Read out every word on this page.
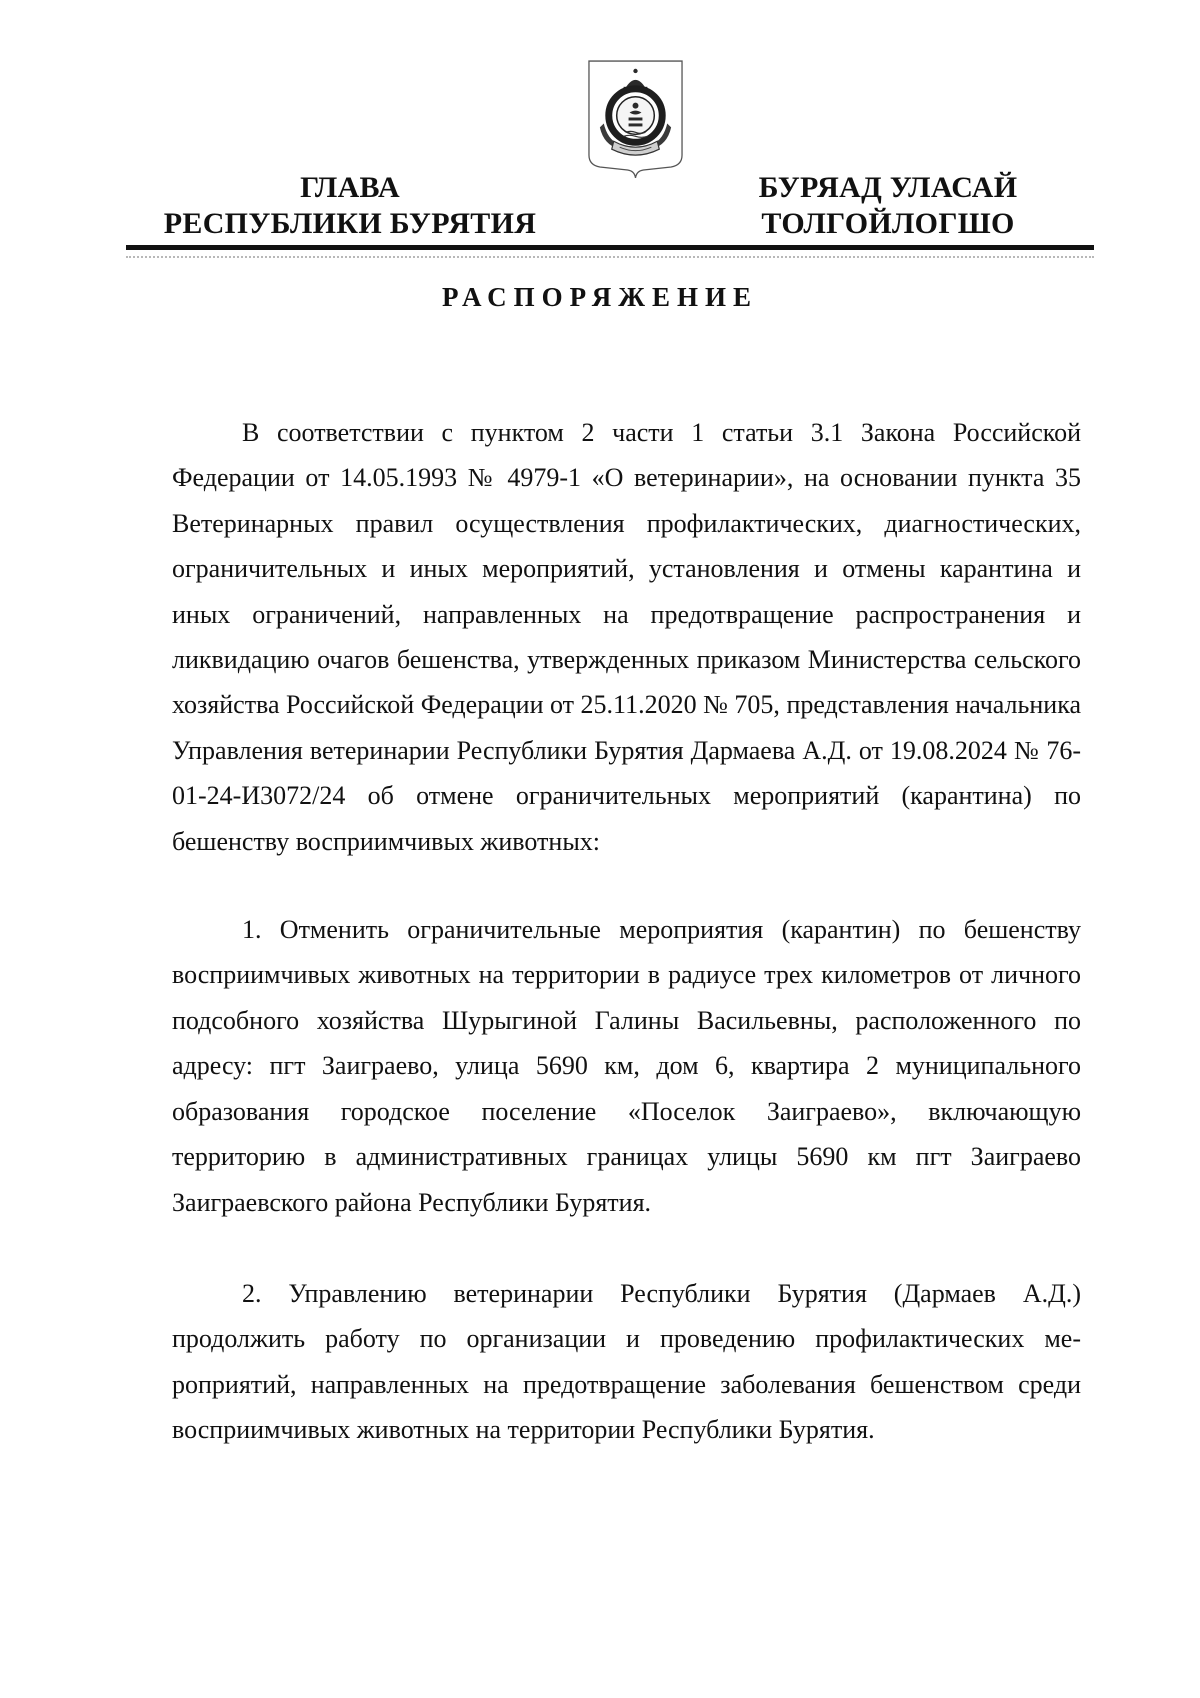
ГЛАВА
РЕСПУБЛИКИ БУРЯТИЯ
БУРЯАД УЛАСАЙ
ТОЛГОЙЛОГШО
РАСПОРЯЖЕНИЕ

В соответствии с пунктом 2 части 1 статьи 3.1 Закона Российской Федерации от 14.05.1993 № 4979-1 «О ветеринарии», на основании пункта 35 Ветеринарных правил осуществления профилактических, диагностических, ограничительных и иных мероприятий, установления и отмены карантина и иных ограничений, направленных на предотвращение распространения и ликвидацию очагов бешенства, утвержденных приказом Министерства сельского хозяйства Российской Федерации от 25.11.2020 № 705, представления начальника Управления ветеринарии Республики Бурятия Дармаева А.Д. от 19.08.2024 № 76-01-24-И3072/24 об отмене ограничительных мероприятий (карантина) по бешенству восприимчивых животных:

1. Отменить ограничительные мероприятия (карантин) по бешенству восприимчивых животных на территории в радиусе трех километров от личного подсобного хозяйства Шурыгиной Галины Васильевны, расположенного по адресу: пгт Заиграево, улица 5690 км, дом 6, квартира 2 муниципального образования городское поселение «Поселок Заиграево», включающую территорию в административных границах улицы 5690 км пгт Заиграево Заиграевского района Республики Бурятия.

2. Управлению ветеринарии Республики Бурятия (Дармаев А.Д.) продолжить работу по организации и проведению профилактических мероприятий, направленных на предотвращение заболевания бешенством среди восприимчивых животных на территории Республики Бурятия.
